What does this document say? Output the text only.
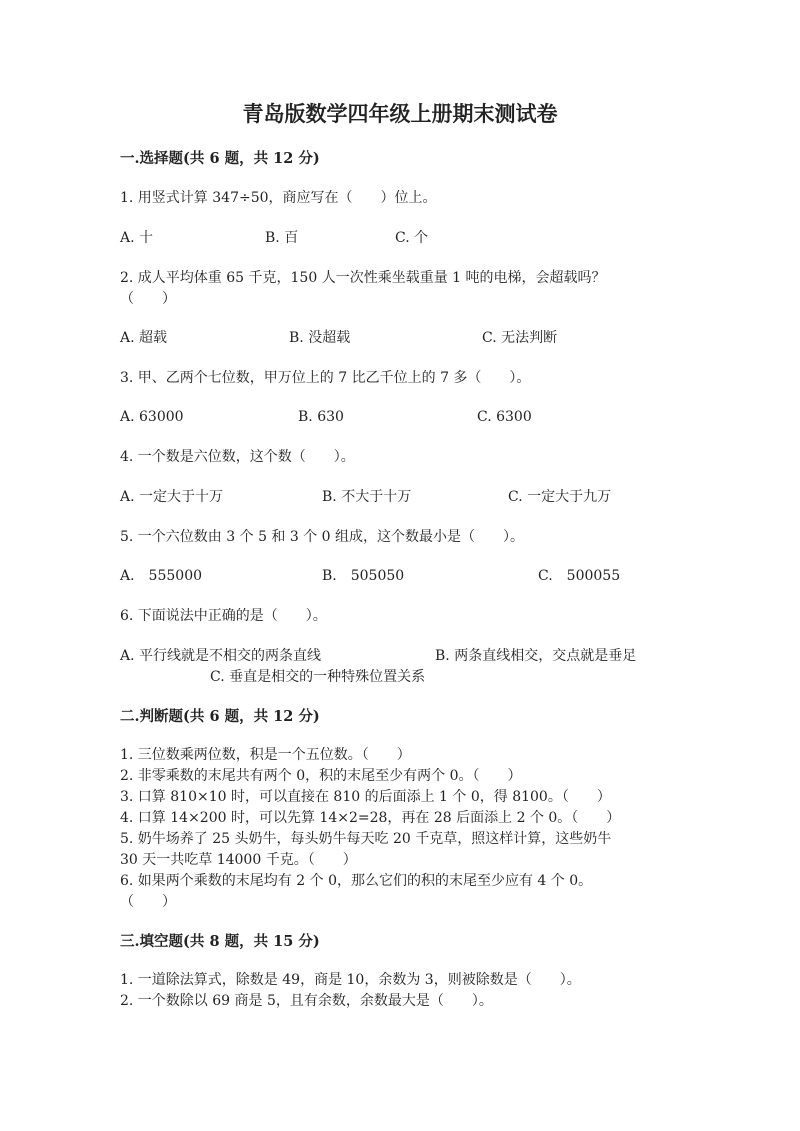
青岛版数学四年级上册期末测试卷
一.选择题(共 6 题，共 12 分)
1. 用竖式计算 347÷50，商应写在（　　）位上。
A. 十	B. 百	C. 个
2. 成人平均体重 65 千克，150 人一次性乘坐载重量 1 吨的电梯，会超载吗？
（　　）
A. 超载	B. 没超载	C. 无法判断
3. 甲、乙两个七位数，甲万位上的 7 比乙千位上的 7 多（　　）。
A. 63000	B. 630	C. 6300
4. 一个数是六位数，这个数（　　）。
A. 一定大于十万	B. 不大于十万	C. 一定大于九万
5. 一个六位数由 3 个 5 和 3 个 0 组成，这个数最小是（　　）。
A.　555000	B.　505050	C.　500055
6. 下面说法中正确的是（　　）。
A. 平行线就是不相交的两条直线	B. 两条直线相交，交点就是垂足
C. 垂直是相交的一种特殊位置关系
二.判断题(共 6 题，共 12 分)
1. 三位数乘两位数，积是一个五位数。（　　）
2. 非零乘数的末尾共有两个 0，积的末尾至少有两个 0。（　　）
3. 口算 810×10 时，可以直接在 810 的后面添上 1 个 0，得 8100。（　　）
4. 口算 14×200 时，可以先算 14×2=28，再在 28 后面添上 2 个 0。（　　）
5. 奶牛场养了 25 头奶牛，每头奶牛每天吃 20 千克草，照这样计算，这些奶牛
30 天一共吃草 14000 千克。（　　）
6. 如果两个乘数的末尾均有 2 个 0，那么它们的积的末尾至少应有 4 个 0。
（　　）
三.填空题(共 8 题，共 15 分)
1. 一道除法算式，除数是 49，商是 10，余数为 3，则被除数是（　　）。
2. 一个数除以 69 商是 5，且有余数，余数最大是（　　）。
